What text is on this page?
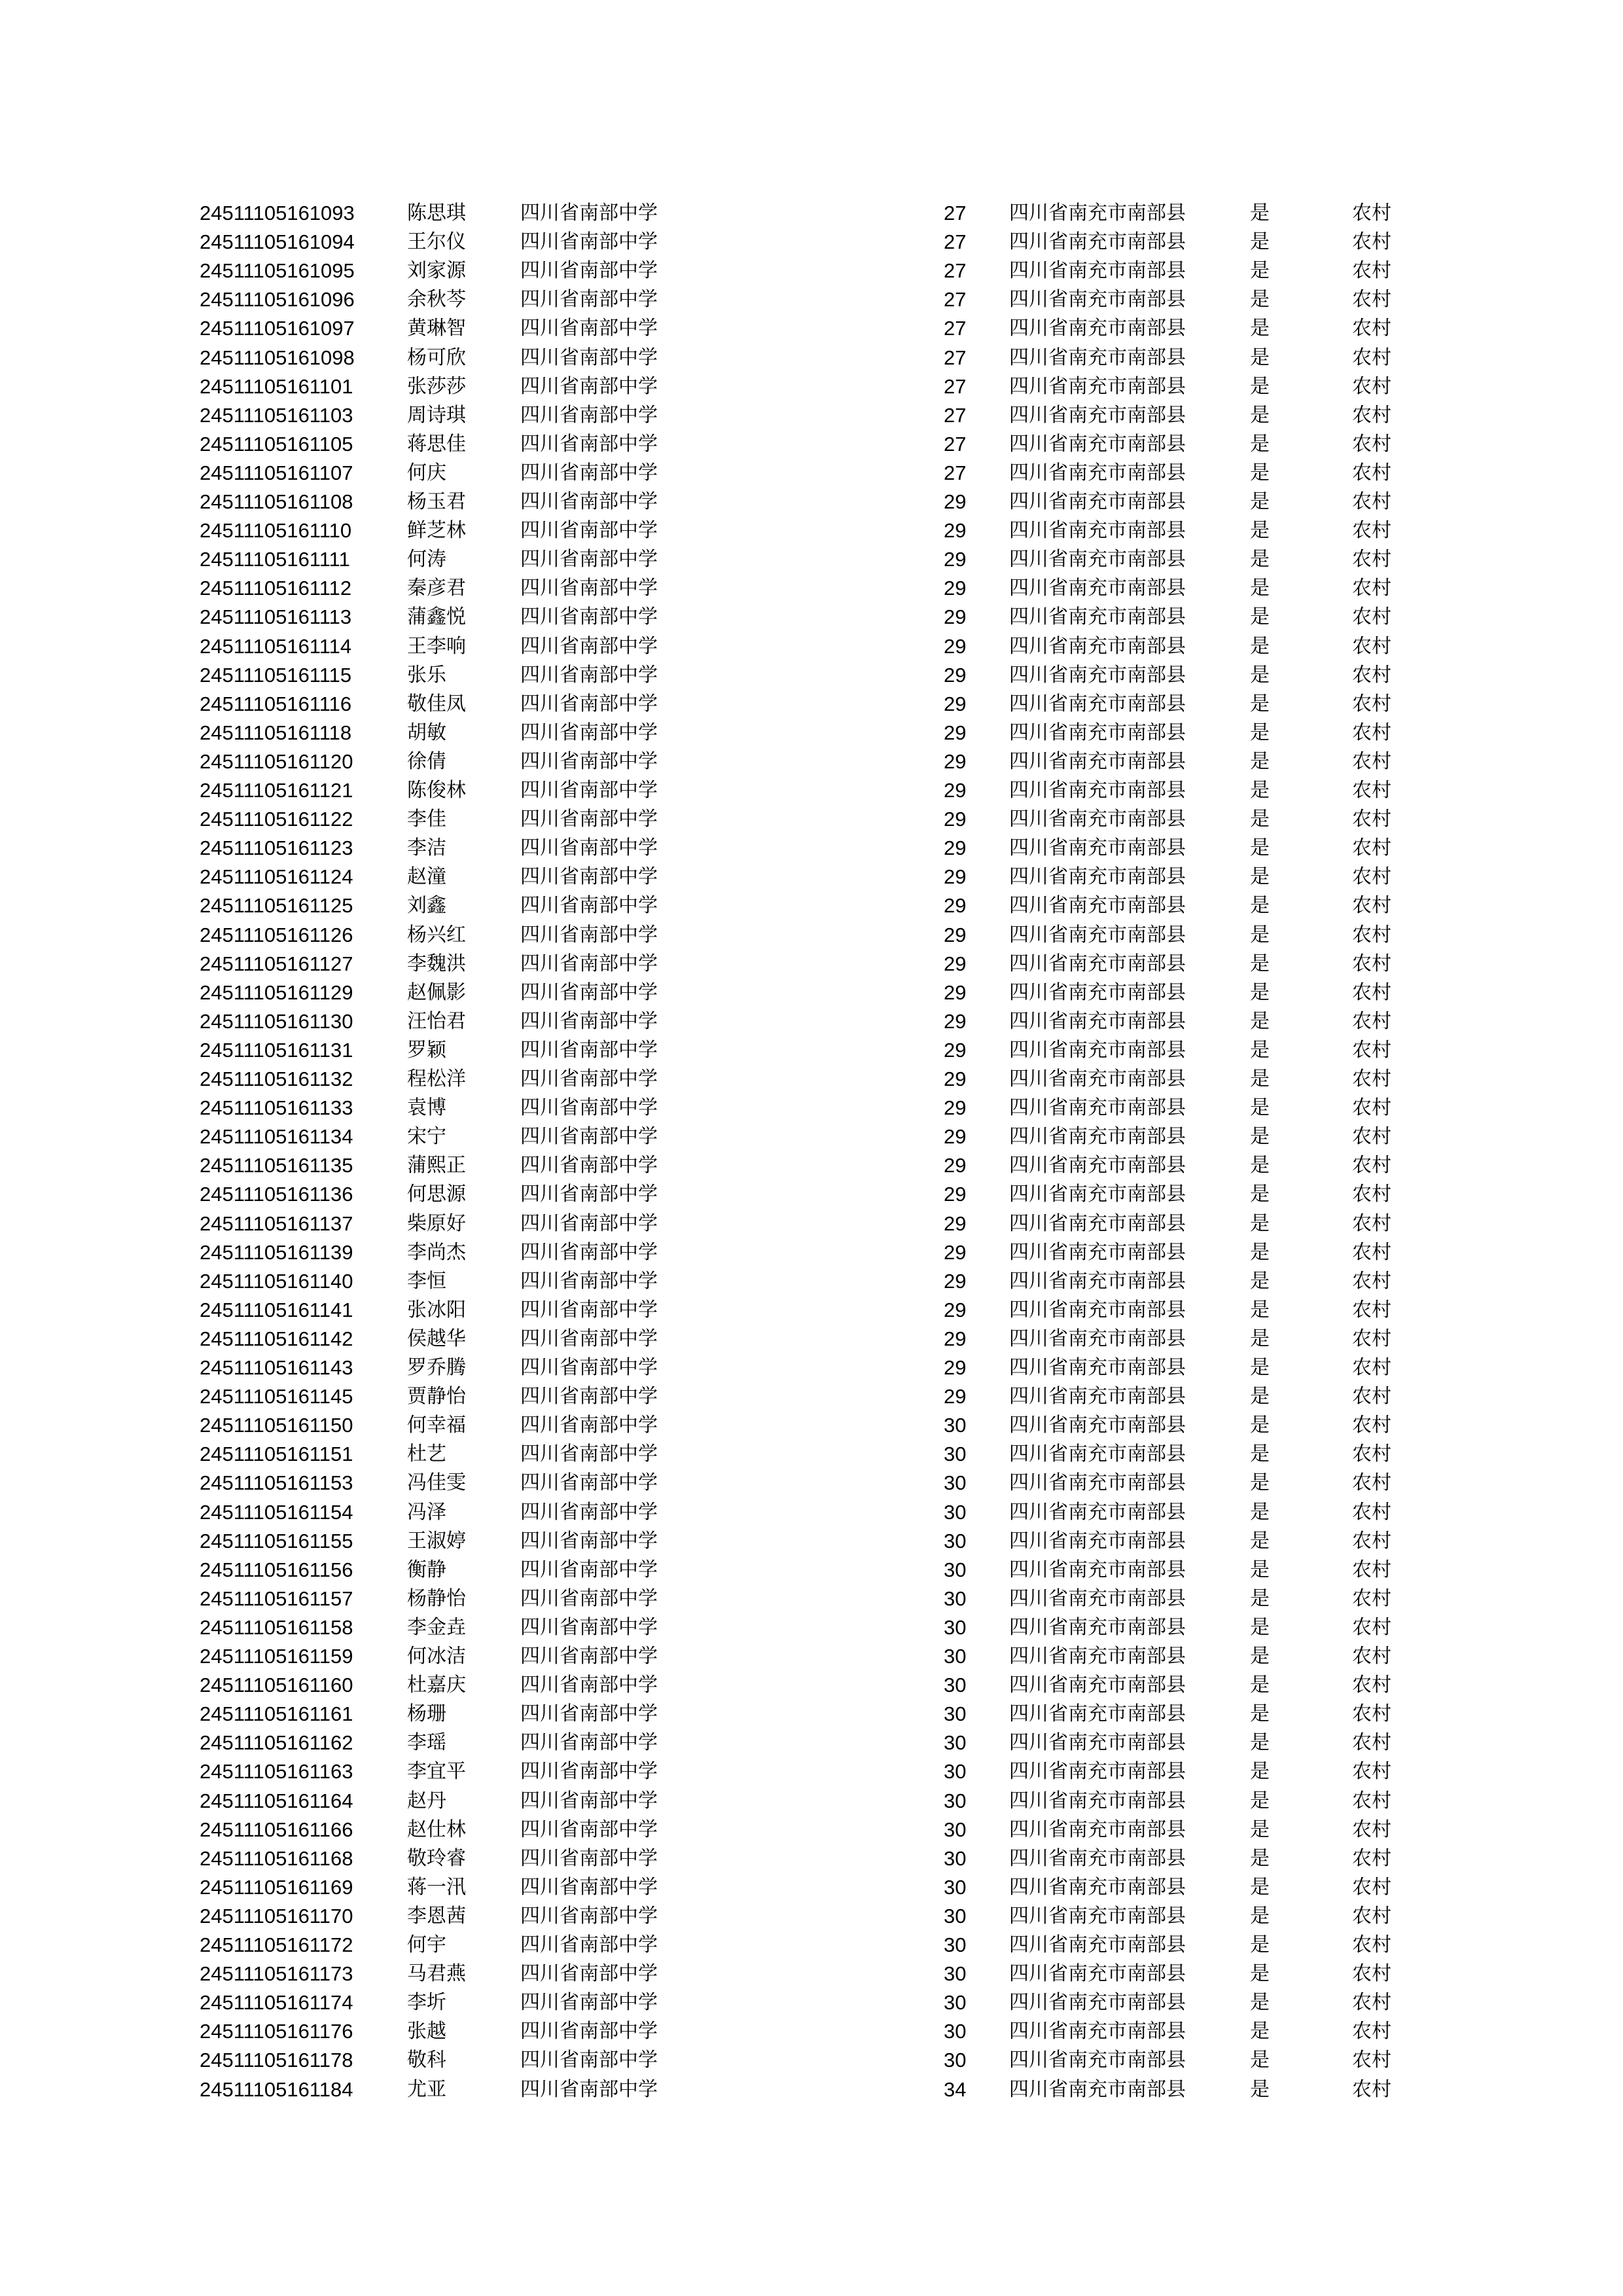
24511105161093	陈思琪	四川省南部中学	27 四川省南充市南部县	是	农村
24511105161094	王尔仪	四川省南部中学	27 四川省南充市南部县	是	农村
24511105161095	刘家源	四川省南部中学	27 四川省南充市南部县	是	农村
24511105161096	余秋芩	四川省南部中学	27 四川省南充市南部县	是	农村
24511105161097	黄琳智	四川省南部中学	27 四川省南充市南部县	是	农村
24511105161098	杨可欣	四川省南部中学	27 四川省南充市南部县	是	农村
24511105161101	张莎莎	四川省南部中学	27 四川省南充市南部县	是	农村
24511105161103	周诗琪	四川省南部中学	27 四川省南充市南部县	是	农村
24511105161105	蒋思佳	四川省南部中学	27 四川省南充市南部县	是	农村
24511105161107	何庆	四川省南部中学	27 四川省南充市南部县	是	农村
24511105161108	杨玉君	四川省南部中学	29 四川省南充市南部县	是	农村
24511105161110	鲜芝林	四川省南部中学	29 四川省南充市南部县	是	农村
24511105161111	何涛	四川省南部中学	29 四川省南充市南部县	是	农村
24511105161112	秦彦君	四川省南部中学	29 四川省南充市南部县	是	农村
24511105161113	蒲鑫悦	四川省南部中学	29 四川省南充市南部县	是	农村
24511105161114	王李响	四川省南部中学	29 四川省南充市南部县	是	农村
24511105161115	张乐	四川省南部中学	29 四川省南充市南部县	是	农村
24511105161116	敬佳凤	四川省南部中学	29 四川省南充市南部县	是	农村
24511105161118	胡敏	四川省南部中学	29 四川省南充市南部县	是	农村
24511105161120	徐倩	四川省南部中学	29 四川省南充市南部县	是	农村
24511105161121	陈俊林	四川省南部中学	29 四川省南充市南部县	是	农村
24511105161122	李佳	四川省南部中学	29 四川省南充市南部县	是	农村
24511105161123	李洁	四川省南部中学	29 四川省南充市南部县	是	农村
24511105161124	赵潼	四川省南部中学	29 四川省南充市南部县	是	农村
24511105161125	刘鑫	四川省南部中学	29 四川省南充市南部县	是	农村
24511105161126	杨兴红	四川省南部中学	29 四川省南充市南部县	是	农村
24511105161127	李魏洪	四川省南部中学	29 四川省南充市南部县	是	农村
24511105161129	赵佩影	四川省南部中学	29 四川省南充市南部县	是	农村
24511105161130	汪怡君	四川省南部中学	29 四川省南充市南部县	是	农村
24511105161131	罗颖	四川省南部中学	29 四川省南充市南部县	是	农村
24511105161132	程松洋	四川省南部中学	29 四川省南充市南部县	是	农村
24511105161133	袁博	四川省南部中学	29 四川省南充市南部县	是	农村
24511105161134	宋宁	四川省南部中学	29 四川省南充市南部县	是	农村
24511105161135	蒲熙正	四川省南部中学	29 四川省南充市南部县	是	农村
24511105161136	何思源	四川省南部中学	29 四川省南充市南部县	是	农村
24511105161137	柴原好	四川省南部中学	29 四川省南充市南部县	是	农村
24511105161139	李尚杰	四川省南部中学	29 四川省南充市南部县	是	农村
24511105161140	李恒	四川省南部中学	29 四川省南充市南部县	是	农村
24511105161141	张冰阳	四川省南部中学	29 四川省南充市南部县	是	农村
24511105161142	侯越华	四川省南部中学	29 四川省南充市南部县	是	农村
24511105161143	罗乔腾	四川省南部中学	29 四川省南充市南部县	是	农村
24511105161145	贾静怡	四川省南部中学	29 四川省南充市南部县	是	农村
24511105161150	何幸福	四川省南部中学	30 四川省南充市南部县	是	农村
24511105161151	杜艺	四川省南部中学	30 四川省南充市南部县	是	农村
24511105161153	冯佳雯	四川省南部中学	30 四川省南充市南部县	是	农村
24511105161154	冯泽	四川省南部中学	30 四川省南充市南部县	是	农村
24511105161155	王淑婷	四川省南部中学	30 四川省南充市南部县	是	农村
24511105161156	衡静	四川省南部中学	30 四川省南充市南部县	是	农村
24511105161157	杨静怡	四川省南部中学	30 四川省南充市南部县	是	农村
24511105161158	李金垚	四川省南部中学	30 四川省南充市南部县	是	农村
24511105161159	何冰洁	四川省南部中学	30 四川省南充市南部县	是	农村
24511105161160	杜嘉庆	四川省南部中学	30 四川省南充市南部县	是	农村
24511105161161	杨珊	四川省南部中学	30 四川省南充市南部县	是	农村
24511105161162	李瑶	四川省南部中学	30 四川省南充市南部县	是	农村
24511105161163	李宜平	四川省南部中学	30 四川省南充市南部县	是	农村
24511105161164	赵丹	四川省南部中学	30 四川省南充市南部县	是	农村
24511105161166	赵仕林	四川省南部中学	30 四川省南充市南部县	是	农村
24511105161168	敬玲睿	四川省南部中学	30 四川省南充市南部县	是	农村
24511105161169	蒋一汛	四川省南部中学	30 四川省南充市南部县	是	农村
24511105161170	李恩茜	四川省南部中学	30 四川省南充市南部县	是	农村
24511105161172	何宇	四川省南部中学	30 四川省南充市南部县	是	农村
24511105161173	马君燕	四川省南部中学	30 四川省南充市南部县	是	农村
24511105161174	李圻	四川省南部中学	30 四川省南充市南部县	是	农村
24511105161176	张越	四川省南部中学	30 四川省南充市南部县	是	农村
24511105161178	敬科	四川省南部中学	30 四川省南充市南部县	是	农村
24511105161184	尤亚	四川省南部中学	34 四川省南充市南部县	是	农村
